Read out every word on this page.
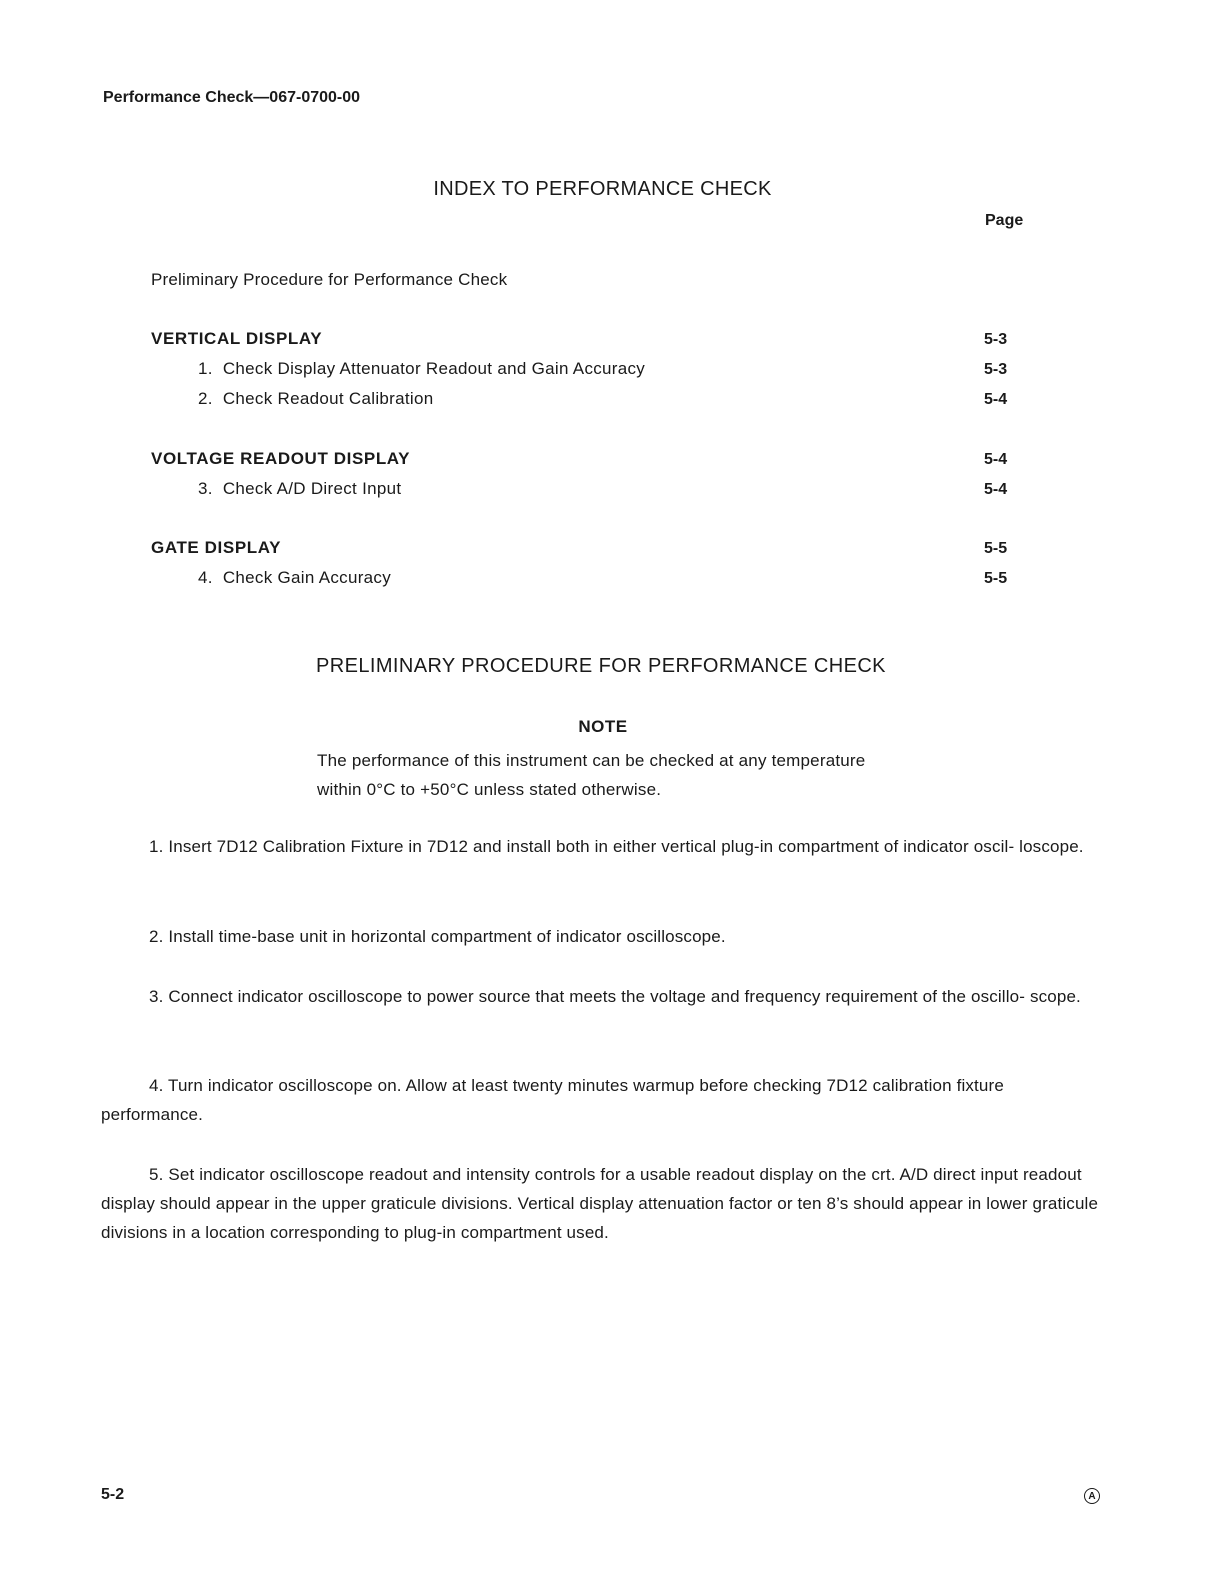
Performance Check—067-0700-00
INDEX TO PERFORMANCE CHECK
Page
Preliminary Procedure for Performance Check
VERTICAL DISPLAY	5-3
1.  Check Display Attenuator Readout and Gain Accuracy	5-3
2.  Check Readout Calibration	5-4
VOLTAGE READOUT DISPLAY	5-4
3.  Check A/D Direct Input	5-4
GATE DISPLAY	5-5
4.  Check Gain Accuracy	5-5
PRELIMINARY PROCEDURE FOR PERFORMANCE CHECK
NOTE
The performance of this instrument can be checked at any temperature
within 0°C to +50°C unless stated otherwise.

1. Insert 7D12 Calibration Fixture in 7D12 and install both in either vertical plug-in compartment of indicator oscil- loscope.

2. Install time-base unit in horizontal compartment of indicator oscilloscope.

3. Connect indicator oscilloscope to power source that meets the voltage and frequency requirement of the oscillo- scope.

4. Turn indicator oscilloscope on. Allow at least twenty minutes warmup before checking 7D12 calibration fixture performance.

5. Set indicator oscilloscope readout and intensity controls for a usable readout display on the crt. A/D direct input readout display should appear in the upper graticule divisions. Vertical display attenuation factor or ten 8’s should appear in lower graticule divisions in a location corresponding to plug-in compartment used.

5-2	A
